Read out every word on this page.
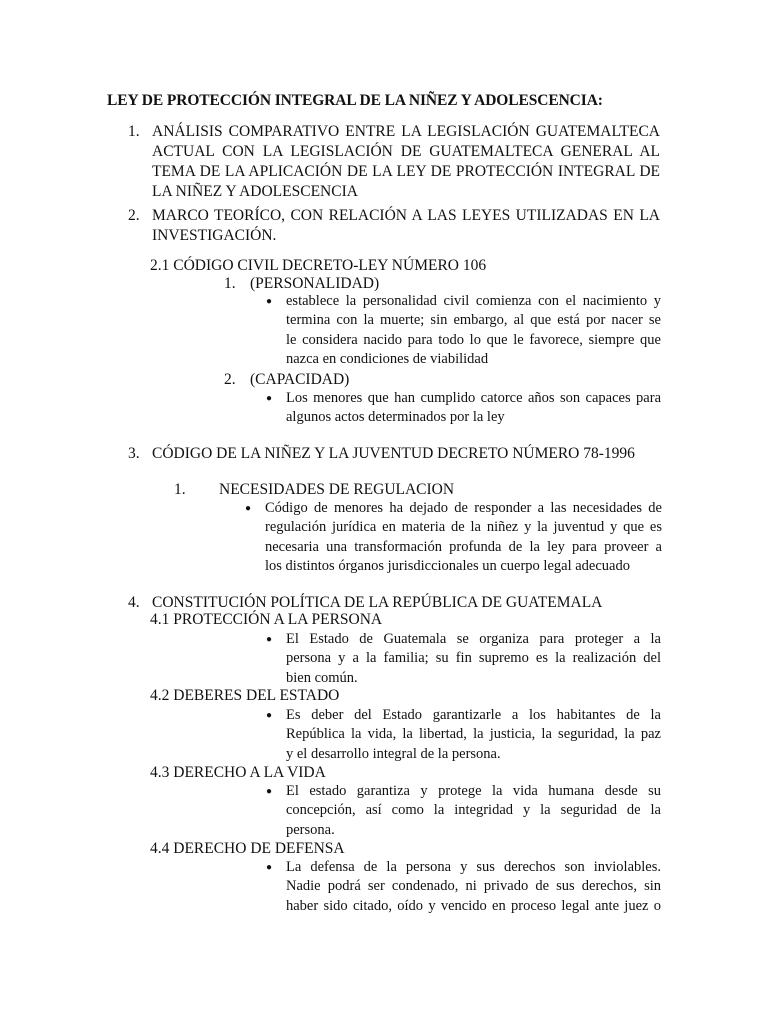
LEY DE PROTECCIÓN INTEGRAL DE LA NIÑEZ Y ADOLESCENCIA:
1. ANÁLISIS COMPARATIVO ENTRE LA LEGISLACIÓN GUATEMALTECA
ACTUAL CON LA LEGISLACIÓN DE GUATEMALTECA GENERAL AL
TEMA DE LA APLICACIÓN DE LA LEY DE PROTECCIÓN INTEGRAL DE
LA NIÑEZ Y ADOLESCENCIA
2. MARCO TEORÍCO, CON RELACIÓN A LAS LEYES UTILIZADAS EN LA
INVESTIGACIÓN.
2.1 CÓDIGO CIVIL DECRETO-LEY NÚMERO 106
1. (PERSONALIDAD)
● establece la personalidad civil comienza con el nacimiento y
termina con la muerte; sin embargo, al que está por nacer se
le considera nacido para todo lo que le favorece, siempre que
nazca en condiciones de viabilidad
2. (CAPACIDAD)
● Los menores que han cumplido catorce años son capaces para
algunos actos determinados por la ley
3. CÓDIGO DE LA NIÑEZ Y LA JUVENTUD DECRETO NÚMERO 78-1996
1. NECESIDADES DE REGULACION
● Código de menores ha dejado de responder a las necesidades de
regulación jurídica en materia de la niñez y la juventud y que es
necesaria una transformación profunda de la ley para proveer a
los distintos órganos jurisdiccionales un cuerpo legal adecuado
4. CONSTITUCIÓN POLÍTICA DE LA REPÚBLICA DE GUATEMALA
4.1 PROTECCIÓN A LA PERSONA
● El Estado de Guatemala se organiza para proteger a la
persona y a la familia; su fin supremo es la realización del
bien común.
4.2 DEBERES DEL ESTADO
● Es deber del Estado garantizarle a los habitantes de la
República la vida, la libertad, la justicia, la seguridad, la paz
y el desarrollo integral de la persona.
4.3 DERECHO A LA VIDA
● El estado garantiza y protege la vida humana desde su
concepción, así como la integridad y la seguridad de la
persona.
4.4 DERECHO DE DEFENSA
● La defensa de la persona y sus derechos son inviolables.
Nadie podrá ser condenado, ni privado de sus derechos, sin
haber sido citado, oído y vencido en proceso legal ante juez o
